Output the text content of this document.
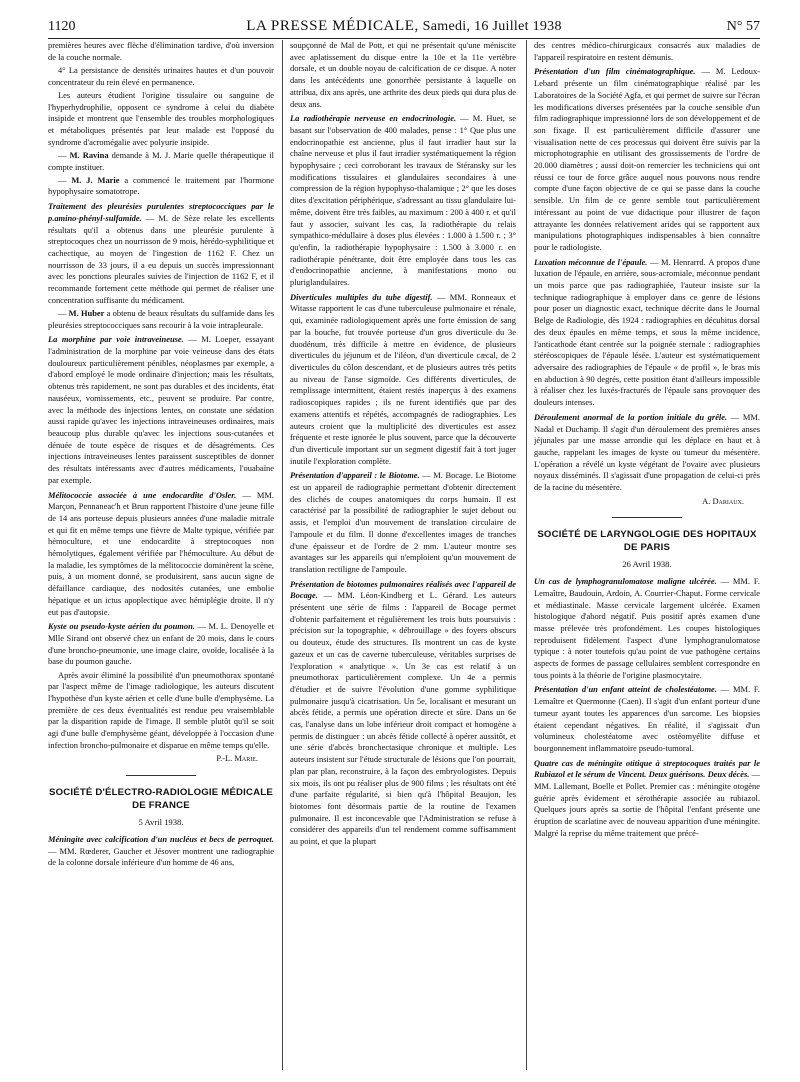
1120	LA PRESSE MÉDICALE, Samedi, 16 Juillet 1938	N° 57

premières heures avec flèche d'élimination tardive, d'où inversion de la couche normale.

4° La persistance de densités urinaires hautes et d'un pouvoir concentrateur du rein élevé en permanence.

Les auteurs étudient l'origine tissulaire ou sanguine de l'hyperhydrophilie, opposent ce syndrome à celui du diabète insipide et montrent que l'ensemble des troubles morphologiques et métaboliques présentés par leur malade est l'opposé du syndrome d'acromégalie avec polyurie insipide.

— M. Ravina demande à M. J. Marie quelle thérapeutique il compte instituer.

— M. J. Marie a commencé le traitement par l'hormone hypophysaire somatotrope.

Traitement des pleurésies purulentes streptococciques par le p.amino-phényl-sulfamide. — M. de Sèze relate les excellents résultats qu'il a obtenus dans une pleurésie purulente à streptocoques chez un nourrisson de 9 mois, hérédo-syphilitique et cachectique, au moyen de l'ingestion de 1162 F. Chez un nourrisson de 33 jours, il a eu depuis un succès impressionnant avec les ponctions pleurales suivies de l'injection de 1162 F, et il recommande fortement cette méthode qui permet de réaliser une concentration suffisante du médicament.

— M. Huber a obtenu de beaux résultats du sulfamide dans les pleurésies streptococciques sans recourir à la voie intrapleurale.

La morphine par voie intraveineuse. — M. Loeper, essayant l'administration de la morphine par voie veineuse dans des états douloureux particulièrement pénibles, néoplasmes par exemple, a d'abord employé le mode ordinaire d'injection; mais les résultats, obtenus très rapidement, ne sont pas durables et des incidents, état nauséeux, vomissements, etc., peuvent se produire. Par contre, avec la méthode des injections lentes, on constate une sédation aussi rapide qu'avec les injections intraveineuses ordinaires, mais beaucoup plus durable qu'avec les injections sous-cutanées et dénuée de toute espèce de risques et de désagréments. Ces injections intraveineuses lentes paraissent susceptibles de donner des résultats intéressants avec d'autres médicaments, l'ouabaïne par exemple.

Mélitococcie associée à une endocardite d'Osler. — MM. Marçon, Pennaneac'h et Brun rapportent l'histoire d'une jeune fille de 14 ans porteuse depuis plusieurs années d'une maladie mitrale et qui fit en même temps une fièvre de Malte typique, vérifiée par hémoculture, et une endocardite à streptocoques non hémolytiques, également vérifiée par l'hémoculture. Au début de la maladie, les symptômes de la mélitococcie dominèrent la scène, puis, à un moment donné, se produisirent, sans aucun signe de défaillance cardiaque, des nodosités cutanées, une embolie hépatique et un ictus apoplectique avec hémiplégie droite. Il n'y eut pas d'autopsie.

Kyste ou pseudo-kyste aérien du poumon. — M. L. Denoyelle et Mlle Sirand ont observé chez un enfant de 20 mois, dans le cours d'une broncho-pneumonie, une image claire, ovoïde, localisée à la base du poumon gauche.

Après avoir éliminé la possibilité d'un pneumothorax spontané par l'aspect même de l'image radiologique, les auteurs discutent l'hypothèse d'un kyste aérien et celle d'une bulle d'emphysème. La première de ces deux éventualités est rendue peu vraisemblable par la disparition rapide de l'image. Il semble plutôt qu'il se soit agi d'une bulle d'emphysème géant, développée à l'occasion d'une infection broncho-pulmonaire et disparue en même temps qu'elle.

P.-L. Marie.

SOCIÉTÉ D'ÉLECTRO-RADIOLOGIE MÉDICALE DE FRANCE
5 Avril 1938.

Méningite avec calcification d'un nucléus et becs de perroquet. — MM. Rœderer, Gaucher et Jésover montrent une radiographie de la colonne dorsale inférieure d'un homme de 46 ans,

soupçonné de Mal de Pott, et qui ne présentait qu'une méniscite avec aplatissement du disque entre la 10e et la 11e vertèbre dorsale, et un double noyau de calcification de ce disque. A noter dans les antécédents une gonorrhée persistante à laquelle on attribua, dix ans après, une arthrite des deux pieds qui dura plus de deux ans.

La radiothérapie nerveuse en endocrinologie. — M. Huet, se basant sur l'observation de 400 malades, pense : 1° Que plus une endocrinopathie est ancienne, plus il faut irradier haut sur la chaîne nerveuse et plus il faut irradier systématiquement la région hypophysaire ; ceci corroborant les travaux de Stéransky sur les modifications tissulaires et glandulaires secondaires à une compression de la région hypophyso-thalamique ; 2° que les doses dites d'excitation périphérique, s'adressant au tissu glandulaire lui-même, doivent être très faibles, au maximum : 200 à 400 r. et qu'il faut y associer, suivant les cas, la radiothérapie du relais sympathico-médullaire à doses plus élevées : 1.000 à 1.500 r. ; 3° qu'enfin, la radiothérapie hypophysaire : 1.500 à 3.000 r. en radiothérapie pénétrante, doit être employée dans tous les cas d'endocrinopathie ancienne, à manifestations mono ou pluriglandulaires.

Diverticules multiples du tube digestif. — MM. Ronneaux et Witasse rapportent le cas d'une tuberculeuse pulmonaire et rénale, qui, examinée radiologiquement après une forte émission de sang par la bouche, fut trouvée porteuse d'un gros diverticule du 3e duodénum, très difficile à mettre en évidence, de plusieurs diverticules du jéjunum et de l'iléon, d'un diverticule cæcal, de 2 diverticules du côlon descendant, et de plusieurs autres très petits au niveau de l'anse sigmoïde. Ces différents diverticules, de remplissage intermittent, étaient restés inaperçus à des examens radioscopiques rapides ; ils ne furent identifiés que par des examens attentifs et répétés, accompagnés de radiographies. Les auteurs croient que la multiplicité des diverticules est assez fréquente et reste ignorée le plus souvent, parce que la découverte d'un diverticule important sur un segment digestif fait à tort juger inutile l'exploration complète.

Présentation d'appareil : le Biotome. — M. Bocage. Le Biotome est un appareil de radiographie permettant d'obtenir directement des clichés de coupes anatomiques du corps humain. Il est caractérisé par la possibilité de radiographier le sujet debout ou assis, et l'emploi d'un mouvement de translation circulaire de l'ampoule et du film. Il donne d'excellentes images de tranches d'une épaisseur et de l'ordre de 2 mm. L'auteur montre ses avantages sur les appareils qui n'emploient qu'un mouvement de translation rectiligne de l'ampoule.

Présentation de biotomes pulmonaires réalisés avec l'appareil de Bocage. — MM. Léon-Kindberg et L. Gérard. Les auteurs présentent une série de films : l'appareil de Bocage permet d'obtenir parfaitement et régulièrement les trois buts poursuivis : précision sur la topographie, « débrouillage » des foyers obscurs ou douteux, étude des structures. Ils montrent un cas de kyste gazeux et un cas de caverne tuberculeuse, véritables surprises de l'exploration « analytique ». Un 3e cas est relatif à un pneumothorax particulièrement complexe. Un 4e a permis d'étudier et de suivre l'évolution d'une gomme syphilitique pulmonaire jusqu'à cicatrisation. Un 5e, localisant et mesurant un abcès fétide, a permis une opération directe et sûre. Dans un 6e cas, l'analyse dans un lobe inférieur droit compact et homogène a permis de distinguer : un abcès fétide collecté à opérer aussitôt, et une série d'abcès bronchectasique chronique et multiple. Les auteurs insistent sur l'étude structurale de lésions que l'on pourrait, plan par plan, reconstruire, à la façon des embryologistes. Depuis six mois, ils ont pu réaliser plus de 900 films ; les résultats ont été d'une parfaite régularité, si bien qu'à l'hôpital Beaujon, les biotomes font désormais partie de la routine de l'examen pulmonaire. Il est inconcevable que l'Administration se refuse à considérer des appareils d'un tel rendement comme suffisamment au point, et que la plupart

des centres médico-chirurgicaux consacrés aux maladies de l'appareil respiratoire en restent démunis.

Présentation d'un film cinématographique. — M. Ledoux-Lebard présente un film cinématographique réalisé par les Laboratoires de la Société Agfa, et qui permet de suivre sur l'écran les modifications diverses présentées par la couche sensible d'un film radiographique impressionné lors de son développement et de son fixage. Il est particulièrement difficile d'assurer une visualisation nette de ces processus qui doivent être suivis par la microphotographie en utilisant des grossissements de l'ordre de 20.000 diamètres ; aussi doit-on remercier les techniciens qui ont réussi ce tour de force grâce auquel nous pouvons nous rendre compte d'une façon objective de ce qui se passe dans la couche sensible. Un film de ce genre semble tout particulièrement intéressant au point de vue didactique pour illustrer de façon attrayante les données relativement arides qui se rapportent aux manipulations photographiques indispensables à bien connaître pour le radiologiste.

Luxation méconnue de l'épaule. — M. Henrarrd. A propos d'une luxation de l'épaule, en arrière, sous-acromiale, méconnue pendant un mois parce que pas radiographiée, l'auteur insiste sur la technique radiographique à employer dans ce genre de lésions pour poser un diagnostic exact, technique décrite dans le Journal Belge de Radiologie, dès 1924 : radiographies en décubitus dorsal des deux épaules en même temps, et sous la même incidence, l'anticathode étant centrée sur la poignée sternale : radiographies stéréoscopiques de l'épaule lésée. L'auteur est systématiquement adversaire des radiographies de l'épaule « de profil », le bras mis en abduction à 90 degrés, cette position étant d'ailleurs impossible à réaliser chez les luxés-fracturés de l'épaule sans provoquer des douleurs intenses.

Déroulement anormal de la portion initiale du grêle. — MM. Nadal et Duchamp. Il s'agit d'un déroulement des premières anses jéjunales par une masse arrondie qui les déplace en haut et à gauche, rappelant les images de kyste ou tumeur du mésentère. L'opération a révélé un kyste végétant de l'ovaire avec plusieurs noyaux disséminés. Il s'agissait d'une propagation de celui-ci près de la racine du mésentère.

A. Dariaux.

SOCIÉTÉ DE LARYNGOLOGIE DES HOPITAUX DE PARIS
26 Avril 1938.

Un cas de lymphogranulomatose maligne ulcérée. — MM. F. Lemaître, Baudouin, Ardoin, A. Courrier-Chaput. Forme cervicale et médiastinale. Masse cervicale largement ulcérée. Examen histologique d'abord négatif. Puis positif après examen d'une masse prélevée très profondément. Les coupes histologiques reproduisent fidèlement l'aspect d'une lymphogranulomatose typique : à noter toutefois qu'au point de vue pathogène certains aspects de formes de passage cellulaires semblent correspondre en tous points à la théorie de l'origine plasmocytaire.

Présentation d'un enfant atteint de cholestéatome. — MM. F. Lemaître et Quermonne (Caen). Il s'agit d'un enfant porteur d'une tumeur ayant toutes les apparences d'un sarcome. Les biopsies étaient cependant négatives. En réalité, il s'agissait d'un volumineux cholestéatome avec ostéomyélite diffuse et bourgonnement inflammatoire pseudo-tumoral.

Quatre cas de méningite otitique à streptocoques traités par le Rubiazol et le sérum de Vincent. Deux guérisons. Deux décès. — MM. Lallemant, Boelle et Pollet. Premier cas : méningite otogène guérie après évidement et sérothérapie associée au rubiazol. Quelques jours après sa sortie de l'hôpital l'enfant présente une éruption de scarlatine avec de nouveau apparition d'une méningite. Malgré la reprise du même traitement que précé-
